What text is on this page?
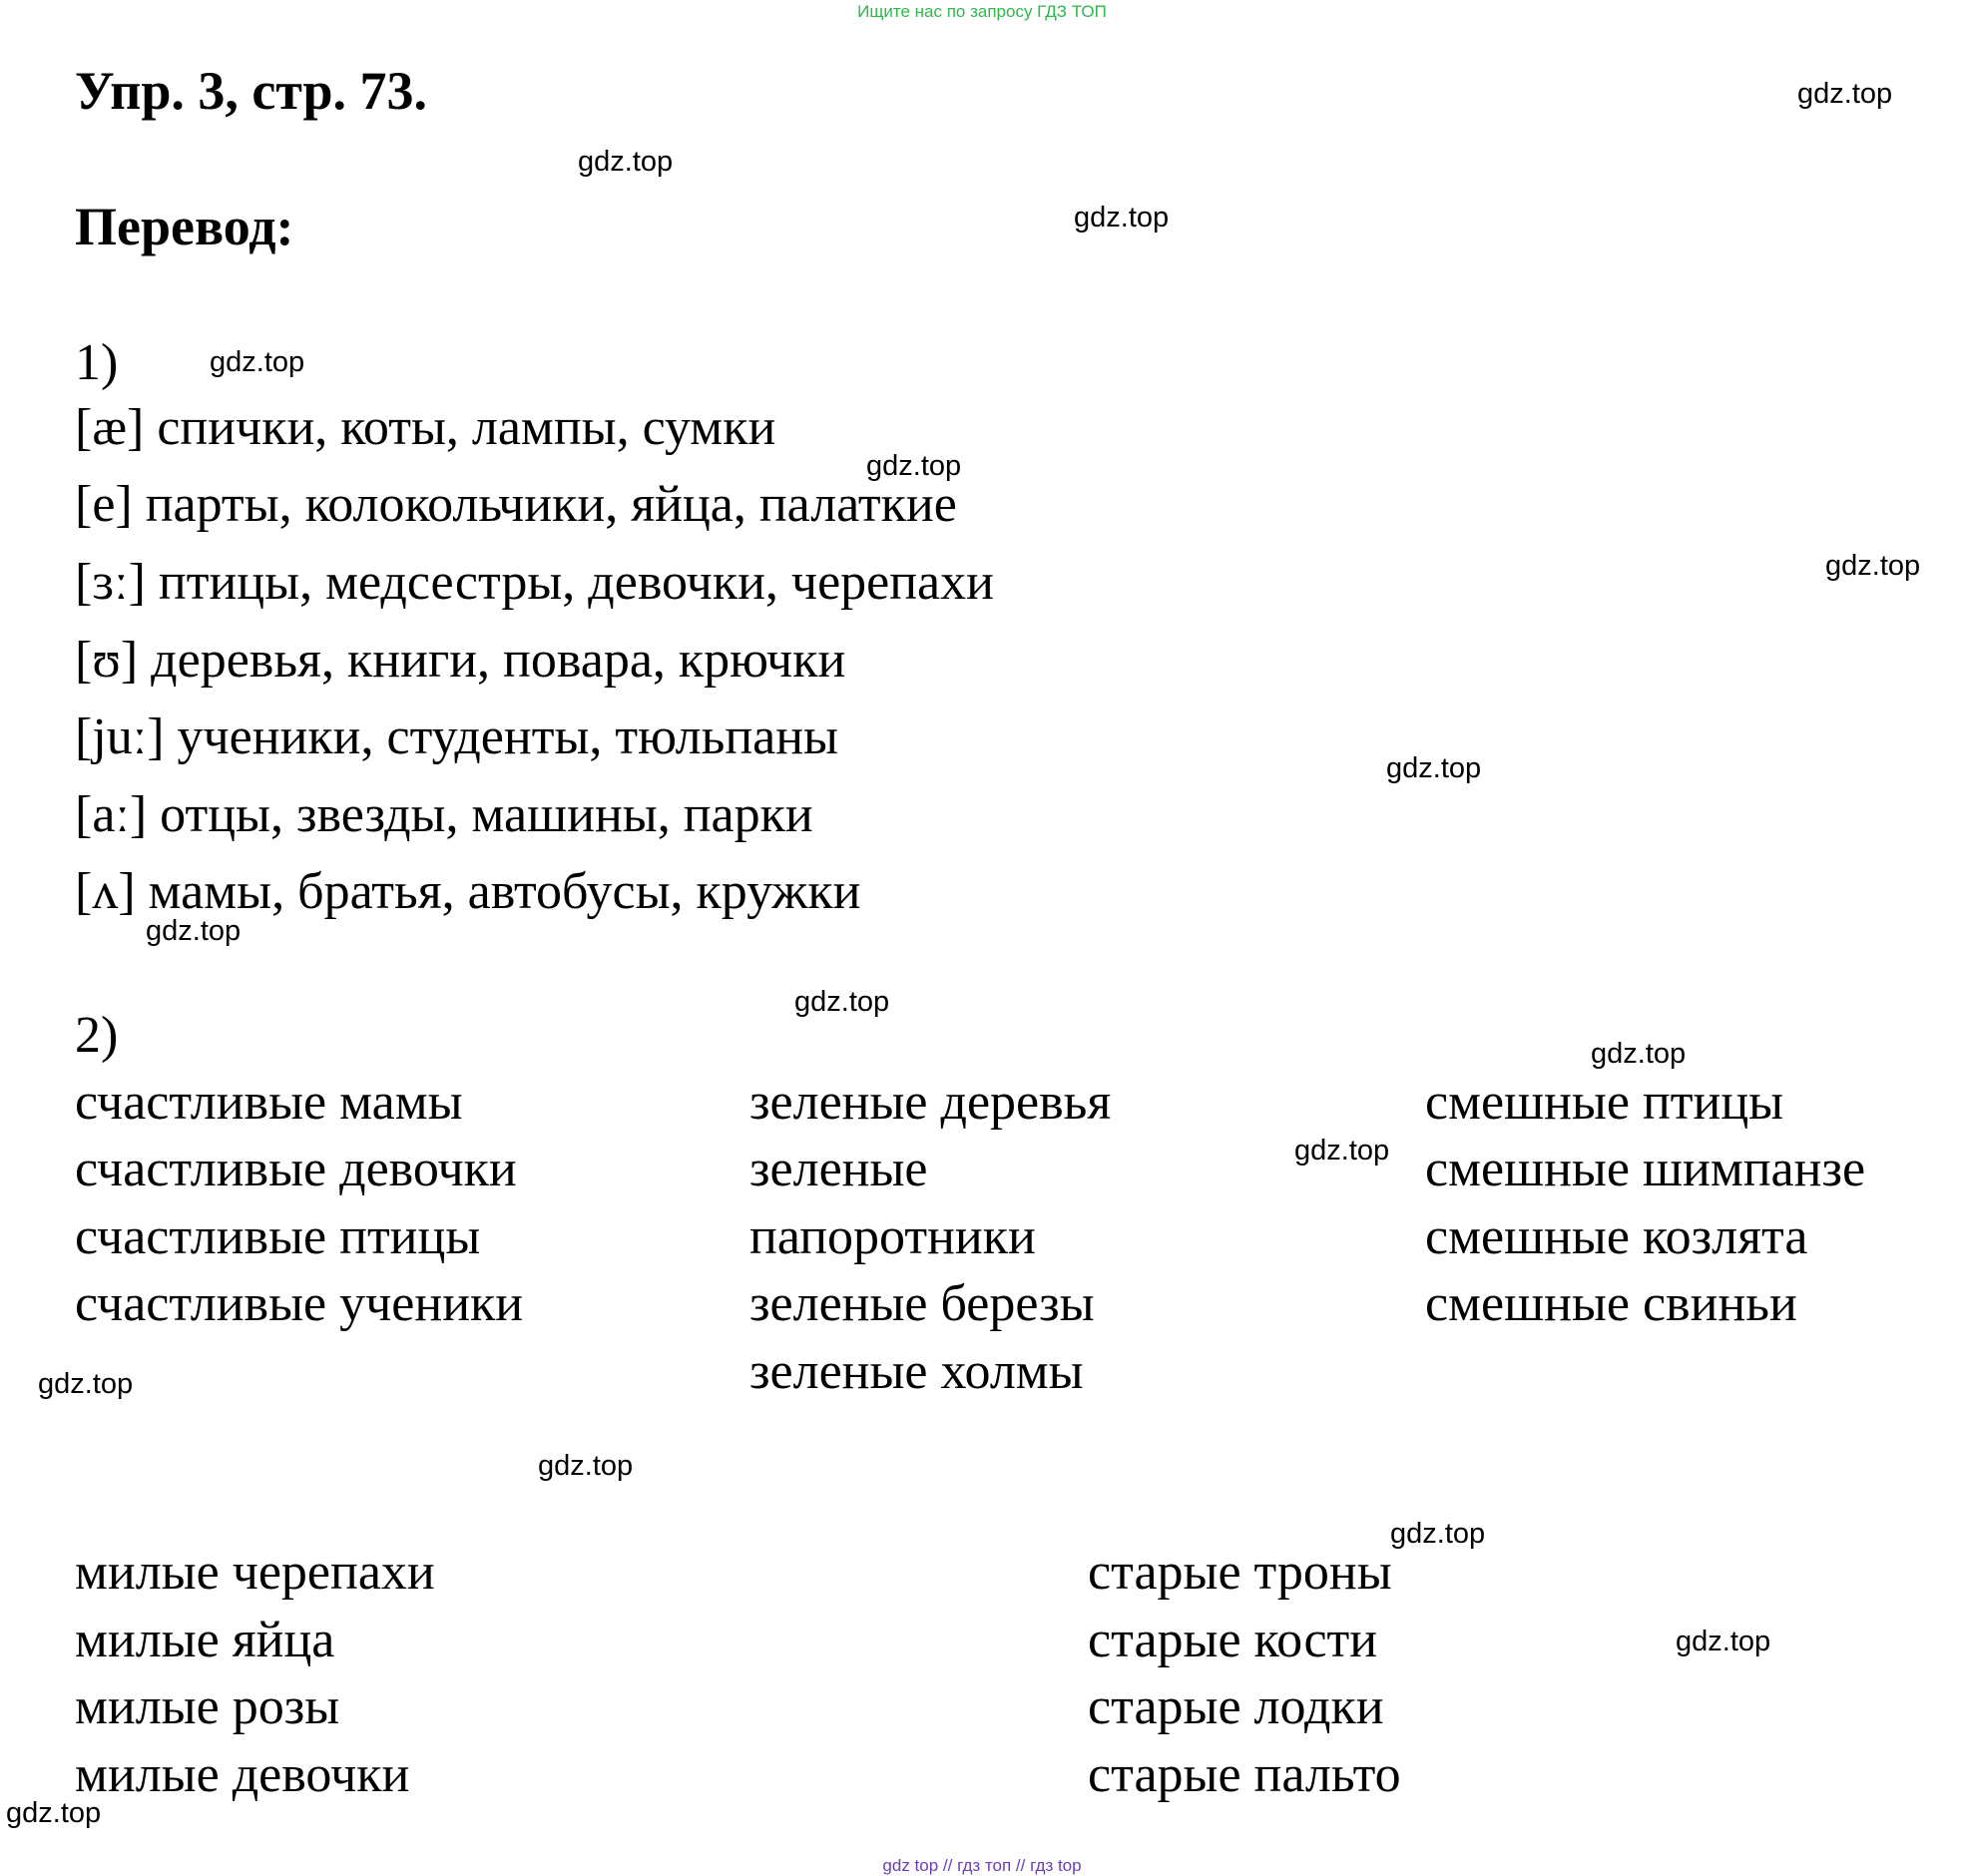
Ищите нас по запросу ГДЗ ТОП
Упр. 3, стр. 73.
Перевод:
1)
[æ] спички, коты, лампы, сумки
[e] парты, колокольчики, яйца, палаткие
[ɜː] птицы, медсестры, девочки, черепахи
[ʊ] деревья, книги, повара, крючки
[juː] ученики, студенты, тюльпаны
[aː] отцы, звезды, машины, парки
[ʌ] мамы, братья, автобусы, кружки
2)
счастливые мамы
счастливые девочки
счастливые птицы
счастливые ученики
зеленые деревья
зеленые
папоротники
зеленые березы
зеленые холмы
смешные птицы
смешные шимпанзе
смешные козлята
смешные свиньи
милые черепахи
милые яйца
милые розы
милые девочки
старые троны
старые кости
старые лодки
старые пальто
gdz.top
gdz.top
gdz.top
gdz.top
gdz.top
gdz.top
gdz.top
gdz.top
gdz.top
gdz.top
gdz.top
gdz.top
gdz.top
gdz.top
gdz.top
gdz.top
gdz top // гдз топ // гдз top
